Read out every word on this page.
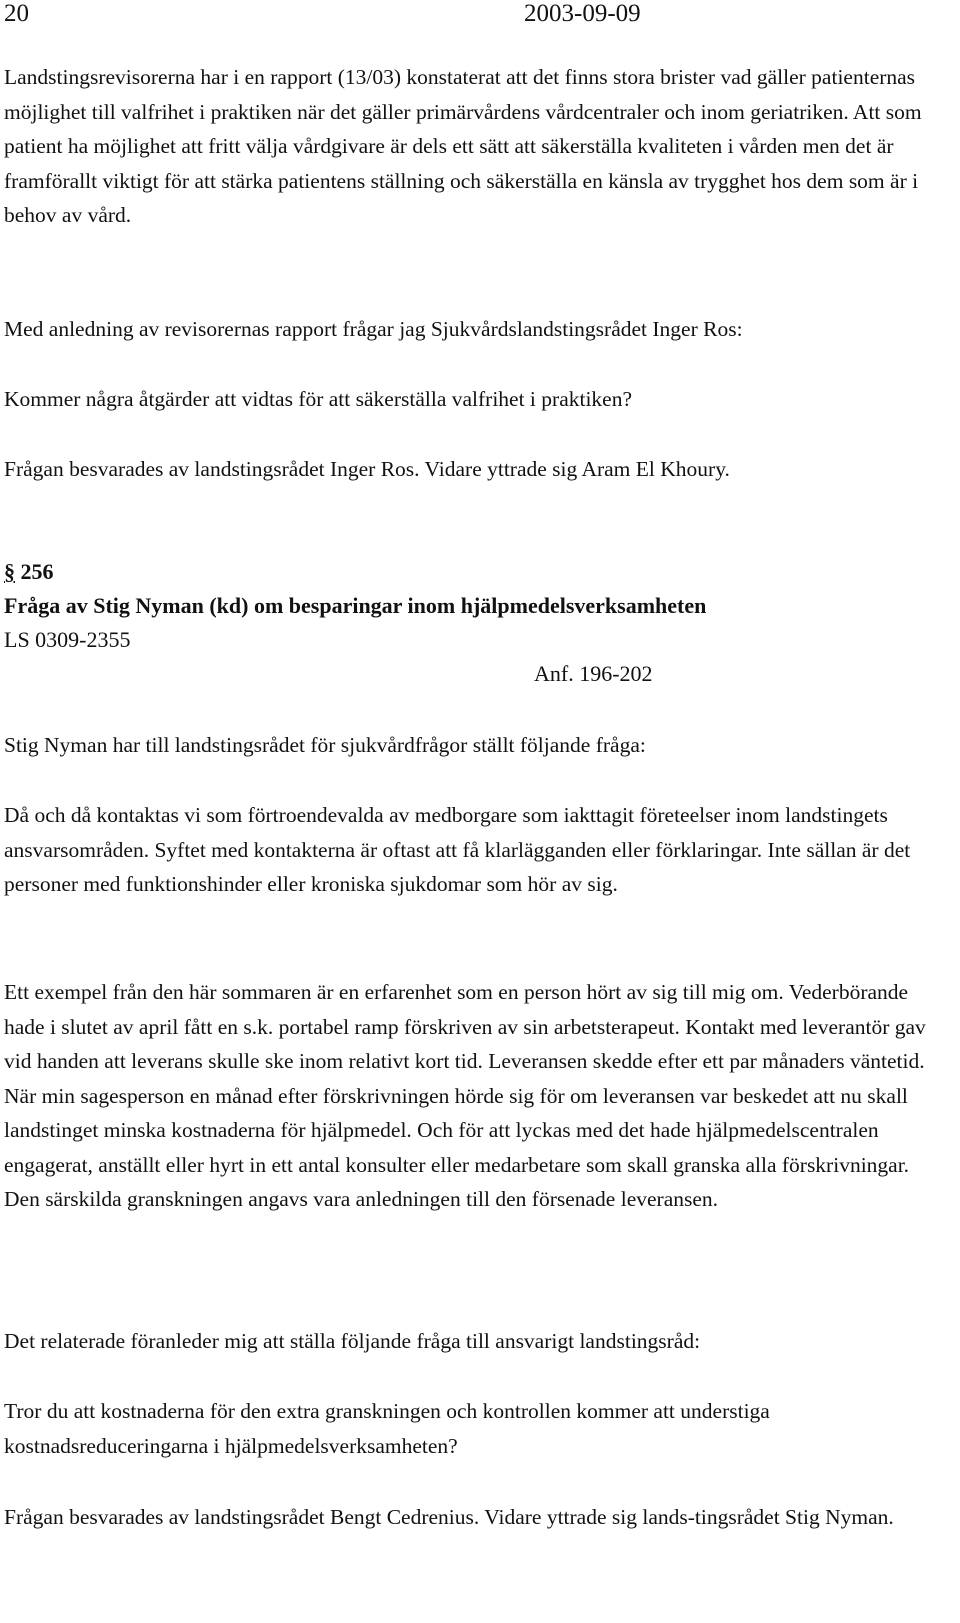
20	2003-09-09

Landstingsrevisorerna har i en rapport (13/03) konstaterat att det finns stora brister vad gäller patienternas möjlighet till valfrihet i praktiken när det gäller primärvårdens vårdcentraler och inom geriatriken. Att som patient ha möjlighet att fritt välja vårdgivare är dels ett sätt att säkerställa kvaliteten i vården men det är framförallt viktigt för att stärka patientens ställning och säkerställa en känsla av trygghet hos dem som är i behov av vård.

Med anledning av revisorernas rapport frågar jag Sjukvårdslandstingsrådet Inger Ros:

Kommer några åtgärder att vidtas för att säkerställa valfrihet i praktiken?

Frågan besvarades av landstingsrådet Inger Ros. Vidare yttrade sig Aram El Khoury.

§ 256

Fråga av Stig Nyman (kd) om besparingar inom hjälpmedelsverksamheten

LS 0309-2355

Anf. 196-202

Stig Nyman har till landstingsrådet för sjukvårdfrågor ställt följande fråga:

Då och då kontaktas vi som förtroendevalda av medborgare som iakttagit företeelser inom landstingets ansvarsområden. Syftet med kontakterna är oftast att få klarlägganden eller förklaringar. Inte sällan är det personer med funktionshinder eller kroniska sjukdomar som hör av sig.

Ett exempel från den här sommaren är en erfarenhet som en person hört av sig till mig om. Vederbörande hade i slutet av april fått en s.k. portabel ramp förskriven av sin arbetsterapeut. Kontakt med leverantör gav vid handen att leverans skulle ske inom relativt kort tid. Leveransen skedde efter ett par månaders väntetid. När min sagesperson en månad efter förskrivningen hörde sig för om leveransen var beskedet att nu skall landstinget minska kostnaderna för hjälpmedel. Och för att lyckas med det hade hjälpmedelscentralen engagerat, anställt eller hyrt in ett antal konsulter eller medarbetare som skall granska alla förskrivningar. Den särskilda granskningen angavs vara anledningen till den försenade leveransen.

Det relaterade föranleder mig att ställa följande fråga till ansvarigt landstingsråd:

Tror du att kostnaderna för den extra granskningen och kontrollen kommer att understiga kostnadsreduceringarna i hjälpmedelsverksamheten?

Frågan besvarades av landstingsrådet Bengt Cedrenius. Vidare yttrade sig lands-tingsrådet Stig Nyman.
